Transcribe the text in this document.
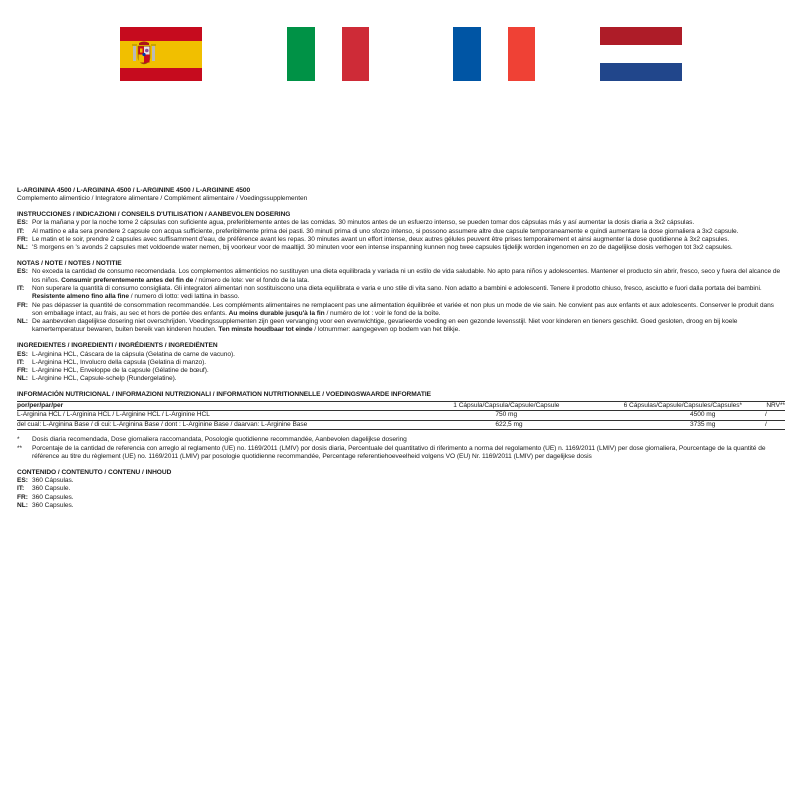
L-ARGININA 4500 / L-ARGININA 4500 / L-ARGININE 4500 / L-ARGININE 4500

Complemento alimenticio / Integratore alimentare / Complément alimentaire / Voedingssupplementen

INSTRUCCIONES / INDICAZIONI / CONSEILS D'UTILISATION / AANBEVOLEN DOSERING

ES: Por la mañana y por la noche tome 2 cápsulas con suficiente agua, preferiblemente antes de las comidas. 30 minutos antes de un esfuerzo intenso, se pueden tomar dos cápsulas más y así aumentar la dosis diaria a 3x2 cápsulas.
IT:	Al mattino e alla sera prendere 2 capsule con acqua sufficiente, preferibilmente prima dei pasti. 30 minuti prima di uno sforzo intenso, si possono assumere altre due capsule temporaneamente e quindi aumentare la dose giornaliera a 3x2 capsule.
FR: Le matin et le soir, prendre 2 capsules avec suffisamment d'eau, de préférence avant les repas. 30 minutes avant un effort intense, deux autres gélules peuvent être prises temporairement et ainsi augmenter la dose quotidienne à 3x2 capsules.
NL: 'S morgens en 's avonds 2 capsules met voldoende water nemen, bij voorkeur voor de maaltijd. 30 minuten voor een intense inspanning kunnen nog twee capsules tijdelijk worden ingenomen en zo de dagelijkse dosis verhogen tot 3x2 capsules.

NOTAS / NOTE / NOTES / NOTITIE

ES: No exceda la cantidad de consumo recomendada. Los complementos alimenticios no sustituyen una dieta equilibrada y variada ni un estilo de vida saludable. No apto para niños y adolescentes. Mantener el producto sin abrir, fresco, seco y fuera del alcance de los niños. Consumir preferentemente antes del fin de / número de lote: ver el fondo de la lata.
IT:	Non superare la quantità di consumo consigliata. Gli integratori alimentari non sostituiscono una dieta equilibrata e varia e uno stile di vita sano. Non adatto a bambini e adolescenti. Tenere il prodotto chiuso, fresco, asciutto e fuori dalla portata dei bambini. Resistente almeno fino alla fine / numero di lotto: vedi lattina in basso.
FR: Ne pas dépasser la quantité de consommation recommandée. Les compléments alimentaires ne remplacent pas une alimentation équilibrée et variée et non plus un mode de vie sain. Ne convient pas aux enfants et aux adolescents. Conserver le produit dans son emballage intact, au frais, au sec et hors de portée des enfants. Au moins durable jusqu'à la fin / numéro de lot : voir le fond de la boîte.
NL: De aanbevolen dagelijkse dosering niet overschrijden. Voedingssupplementen zijn geen vervanging voor een evenwichtige, gevarieerde voeding en een gezonde levensstijl. Niet voor kinderen en tieners geschikt. Goed gesloten, droog en bij koele kamertemperatuur bewaren, buiten bereik van kinderen houden. Ten minste houdbaar tot einde / lotnummer: aangegeven op bodem van het blikje.

INGREDIENTES / INGREDIENTI / INGRÉDIENTS / INGREDIËNTEN

ES: L-Arginina HCL, Cáscara de la cápsula (Gelatina de carne de vacuno).
IT:	L-Arginina HCL, Involucro della capsula (Gelatina di manzo).
FR: L-Arginine HCL, Enveloppe de la capsule (Gélatine de bœuf).
NL: L-Arginine HCL, Capsule-schelp (Rundergelatine).

INFORMACIÓN NUTRICIONAL / INFORMAZIONI NUTRIZIONALI / INFORMATION NUTRITIONNELLE / VOEDINGSWAARDE INFORMATIE

por/per/par/per	1 Cápsula/Capsula/Capsule/Capsule	6 Cápsulas/Capsule/Capsules/Capsules*	NRV**
L-Arginina HCL / L-Arginina HCL / L-Arginine HCL / L-Arginine HCL	750 mg	4500 mg	/
del cual: L-Arginina Base / di cui: L-Arginina Base / dont : L-Arginine Base / daarvan: L-Arginine Base	622,5 mg	3735 mg	/
*	Dosis diaria recomendada, Dose giornaliera raccomandata, Posologie quotidienne recommandée, Aanbevolen dagelijkse dosering
**	Porcentaje de la cantidad de referencia con arreglo al reglamento (UE) no. 1169/2011 (LMIV) por dosis diaria, Percentuale del quantitativo di riferimento a norma del regolamento (UE) n. 1169/2011 (LMIV) per dose giornaliera, Pourcentage de la quantité de référence au titre du règlement (UE) no. 1169/2011 (LMIV) par posologie quotidienne recommandée, Percentage referentiehoeveelheid volgens VO (EU) Nr. 1169/2011 (LMIV) per dagelijkse dosis

CONTENIDO / CONTENUTO / CONTENU / INHOUD

ES: 360 Cápsulas.
IT:	360 Capsule.
FR: 360 Capsules.
NL: 360 Capsules.
